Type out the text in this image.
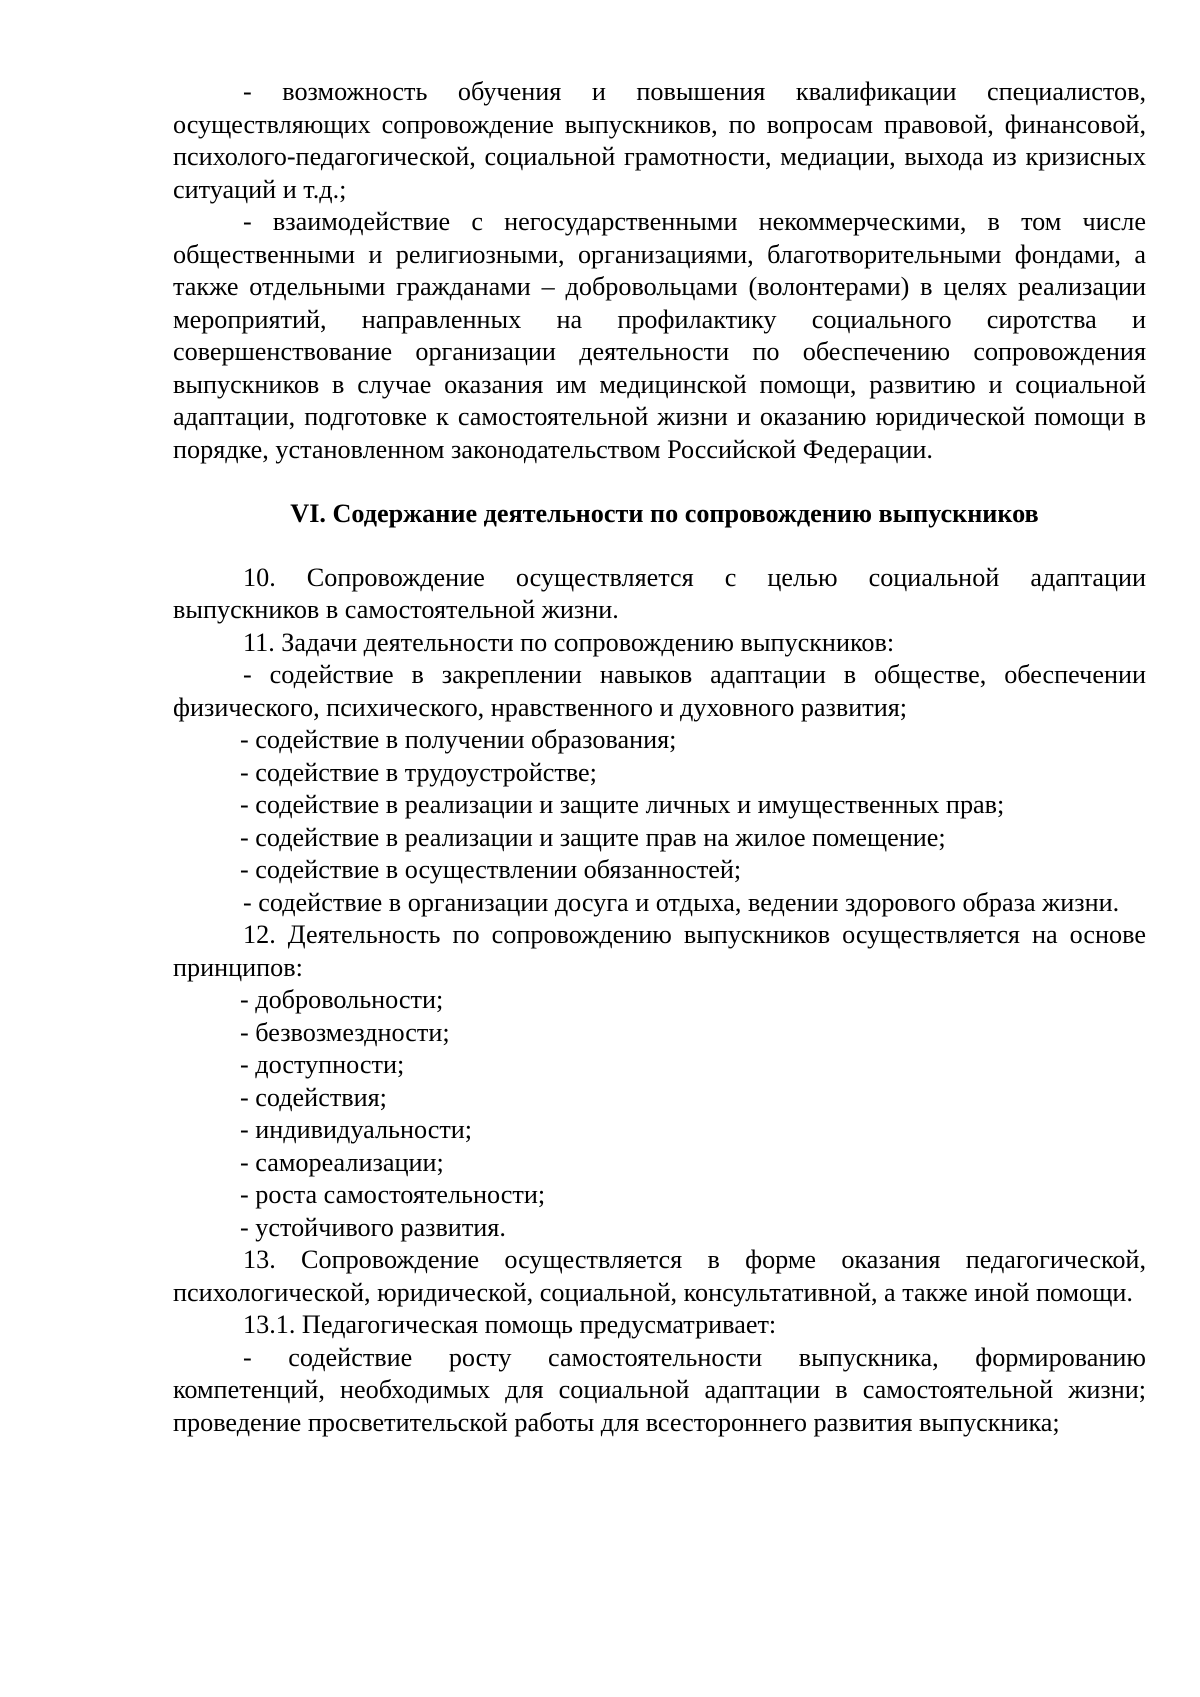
- возможность обучения и повышения квалификации специалистов, осуществляющих сопровождение выпускников, по вопросам правовой, финансовой, психолого-педагогической, социальной грамотности, медиации, выхода из кризисных ситуаций и т.д.;

- взаимодействие с негосударственными некоммерческими, в том числе общественными и религиозными, организациями, благотворительными фондами, а также отдельными гражданами – добровольцами (волонтерами) в целях реализации мероприятий, направленных на профилактику социального сиротства и совершенствование организации деятельности по обеспечению сопровождения выпускников в случае оказания им медицинской помощи, развитию и социальной адаптации, подготовке к самостоятельной жизни и оказанию юридической помощи в порядке, установленном законодательством Российской Федерации.

VI. Содержание деятельности по сопровождению выпускников

10. Сопровождение осуществляется с целью социальной адаптации выпускников в самостоятельной жизни.

11. Задачи деятельности по сопровождению выпускников:

- содействие в закреплении навыков адаптации в обществе, обеспечении физического, психического, нравственного и духовного развития;

- содействие в получении образования;

- содействие в трудоустройстве;

- содействие в реализации и защите личных и имущественных прав;

- содействие в реализации и защите прав на жилое помещение;

- содействие в осуществлении обязанностей;

- содействие в организации досуга и отдыха, ведении здорового образа жизни.

12. Деятельность по сопровождению выпускников осуществляется на основе принципов:

- добровольности;

- безвозмездности;

- доступности;

- содействия;

- индивидуальности;

- самореализации;

- роста самостоятельности;

- устойчивого развития.

13. Сопровождение осуществляется в форме оказания педагогической, психологической, юридической, социальной, консультативной, а также иной помощи.

13.1. Педагогическая помощь предусматривает:

- содействие росту самостоятельности выпускника, формированию компетенций, необходимых для социальной адаптации в самостоятельной жизни; проведение просветительской работы для всестороннего развития выпускника;
